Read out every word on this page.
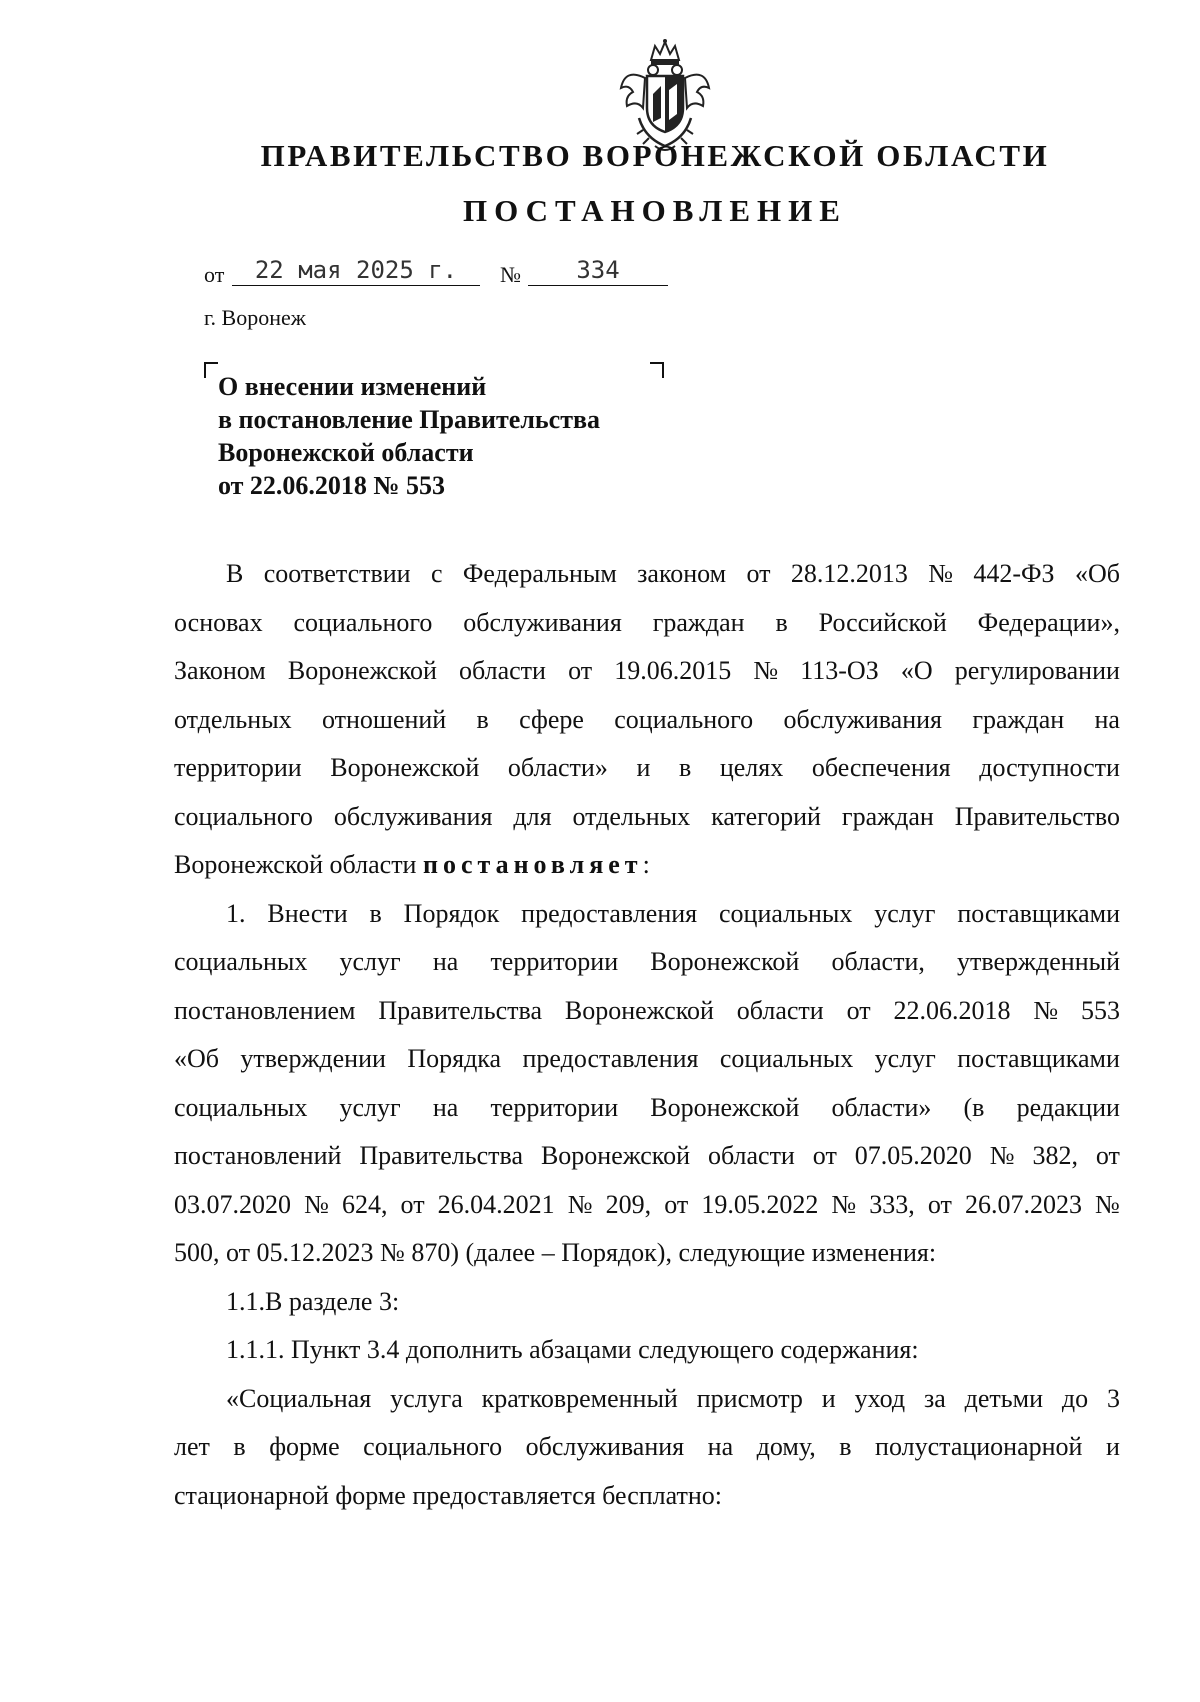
ПРАВИТЕЛЬСТВО ВОРОНЕЖСКОЙ ОБЛАСТИ
ПОСТАНОВЛЕНИЕ
от	22 мая 2025 г.	№	334
г. Воронеж
О внесении изменений
в постановление Правительства
Воронежской области
от 22.06.2018 № 553
В соответствии с Федеральным законом от 28.12.2013 № 442-ФЗ «Об
основах социального обслуживания граждан в Российской Федерации»,
Законом Воронежской области от 19.06.2015 № 113-ОЗ «О регулировании
отдельных отношений в сфере социального обслуживания граждан на
территории Воронежской области» и в целях обеспечения доступности
социального обслуживания для отдельных категорий граждан Правительство
Воронежской области
постановляет :
1. Внести в Порядок предоставления социальных услуг поставщиками
социальных услуг на территории Воронежской области, утвержденный
постановлением Правительства Воронежской области от 22.06.2018 № 553
«Об утверждении Порядка предоставления социальных услуг поставщиками
социальных услуг на территории Воронежской области» (в редакции
постановлений Правительства Воронежской области от 07.05.2020 № 382, от
03.07.2020 № 624, от 26.04.2021 № 209, от 19.05.2022 № 333, от 26.07.2023 №
500, от 05.12.2023 № 870) (далее – Порядок), следующие изменения:
1.1.В разделе 3:
1.1.1. Пункт 3.4 дополнить абзацами следующего содержания:
«Социальная услуга кратковременный присмотр и уход за детьми до 3
лет в форме социального обслуживания на дому, в полустационарной и
стационарной форме предоставляется бесплатно:
